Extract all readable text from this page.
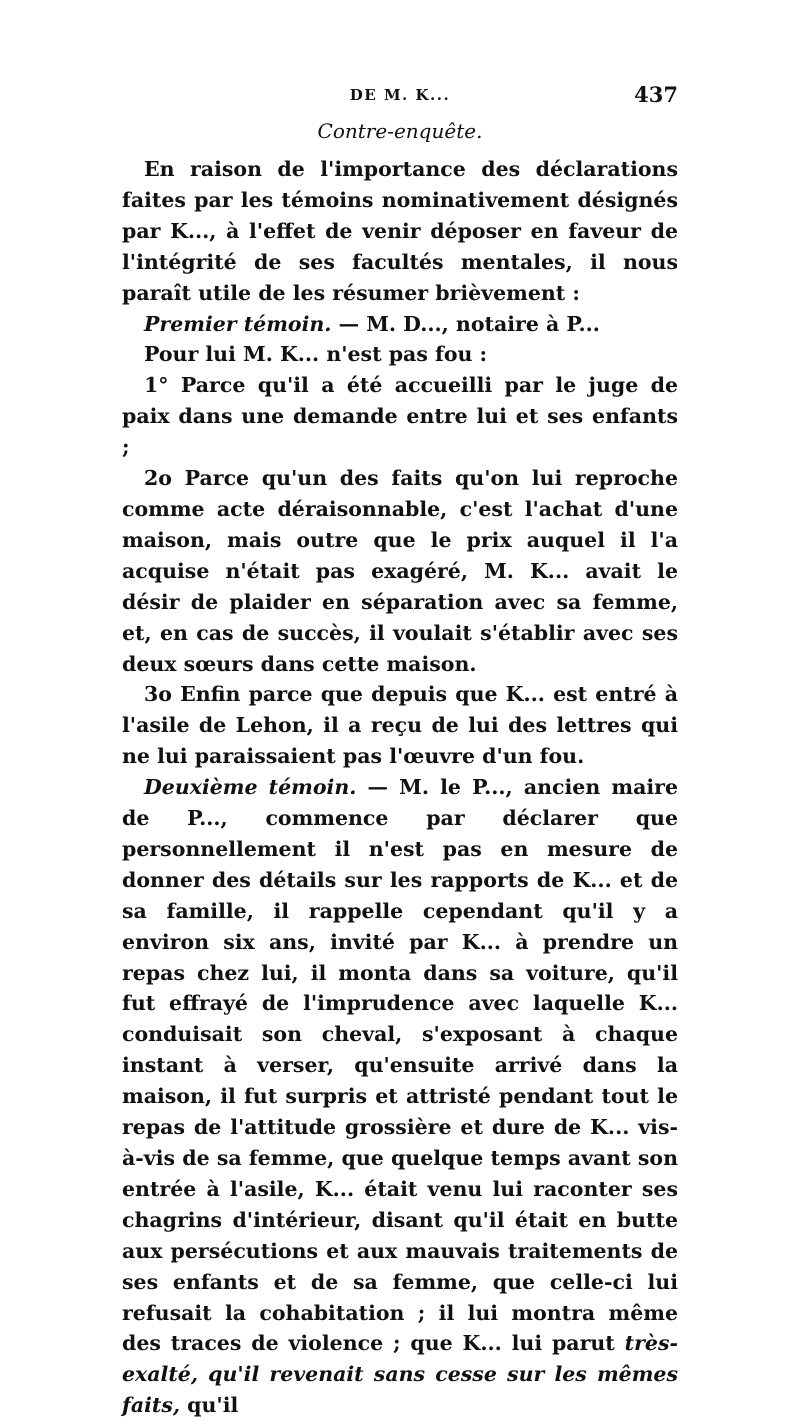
DE M. K...	437
Contre-enquête.

En raison de l'importance des déclarations faites par les témoins nominativement désignés par K..., à l'effet de venir déposer en faveur de l'intégrité de ses facultés mentales, il nous paraît utile de les résumer brièvement :

Premier témoin. — M. D..., notaire à P...

Pour lui M. K... n'est pas fou :

1° Parce qu'il a été accueilli par le juge de paix dans une demande entre lui et ses enfants ;

2o Parce qu'un des faits qu'on lui reproche comme acte déraisonnable, c'est l'achat d'une maison, mais outre que le prix auquel il l'a acquise n'était pas exagéré, M. K... avait le désir de plaider en séparation avec sa femme, et, en cas de succès, il voulait s'établir avec ses deux sœurs dans cette maison.

3o Enfin parce que depuis que K... est entré à l'asile de Lehon, il a reçu de lui des lettres qui ne lui paraissaient pas l'œuvre d'un fou.

Deuxième témoin. — M. le P..., ancien maire de P..., commence par déclarer que personnellement il n'est pas en mesure de donner des détails sur les rapports de K... et de sa famille, il rappelle cependant qu'il y a environ six ans, invité par K... à prendre un repas chez lui, il monta dans sa voiture, qu'il fut effrayé de l'imprudence avec laquelle K... conduisait son cheval, s'exposant à chaque instant à verser, qu'ensuite arrivé dans la maison, il fut surpris et attristé pendant tout le repas de l'attitude grossière et dure de K... vis-à-vis de sa femme, que quelque temps avant son entrée à l'asile, K... était venu lui raconter ses chagrins d'intérieur, disant qu'il était en butte aux persécutions et aux mauvais traitements de ses enfants et de sa femme, que celle-ci lui refusait la cohabitation ; il lui montra même des traces de violence ; que K... lui parut très-exalté, qu'il revenait sans cesse sur les mêmes faits, qu'il
